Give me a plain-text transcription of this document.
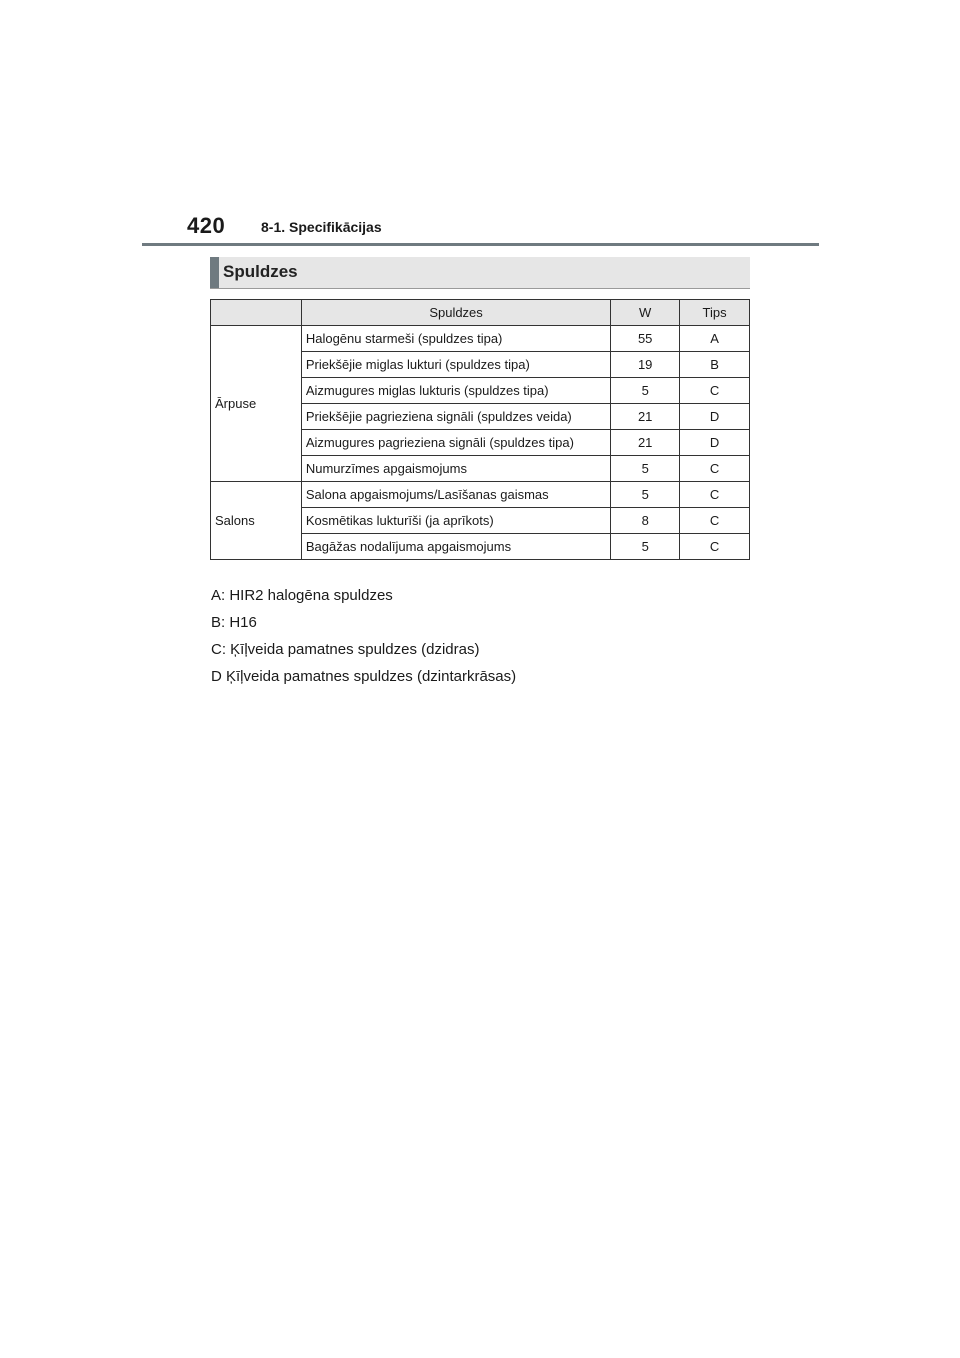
420	8-1. Specifikācijas
Spuldzes
	Spuldzes	W	Tips
Ārpuse	Halogēnu starmeši (spuldzes tipa)	55	A
	Priekšējie miglas lukturi (spuldzes tipa)	19	B
	Aizmugures miglas lukturis (spuldzes tipa)	5	C
	Priekšējie pagrieziena signāli (spuldzes veida)	21	D
	Aizmugures pagrieziena signāli (spuldzes tipa)	21	D
	Numurzīmes apgaismojums	5	C
Salons	Salona apgaismojums/Lasīšanas gaismas	5	C
	Kosmētikas lukturīši (ja aprīkots)	8	C
	Bagāžas nodalījuma apgaismojums	5	C
A: HIR2 halogēna spuldzes
B: H16
C: Ķīļveida pamatnes spuldzes (dzidras)
D Ķīļveida pamatnes spuldzes (dzintarkrāsas)
